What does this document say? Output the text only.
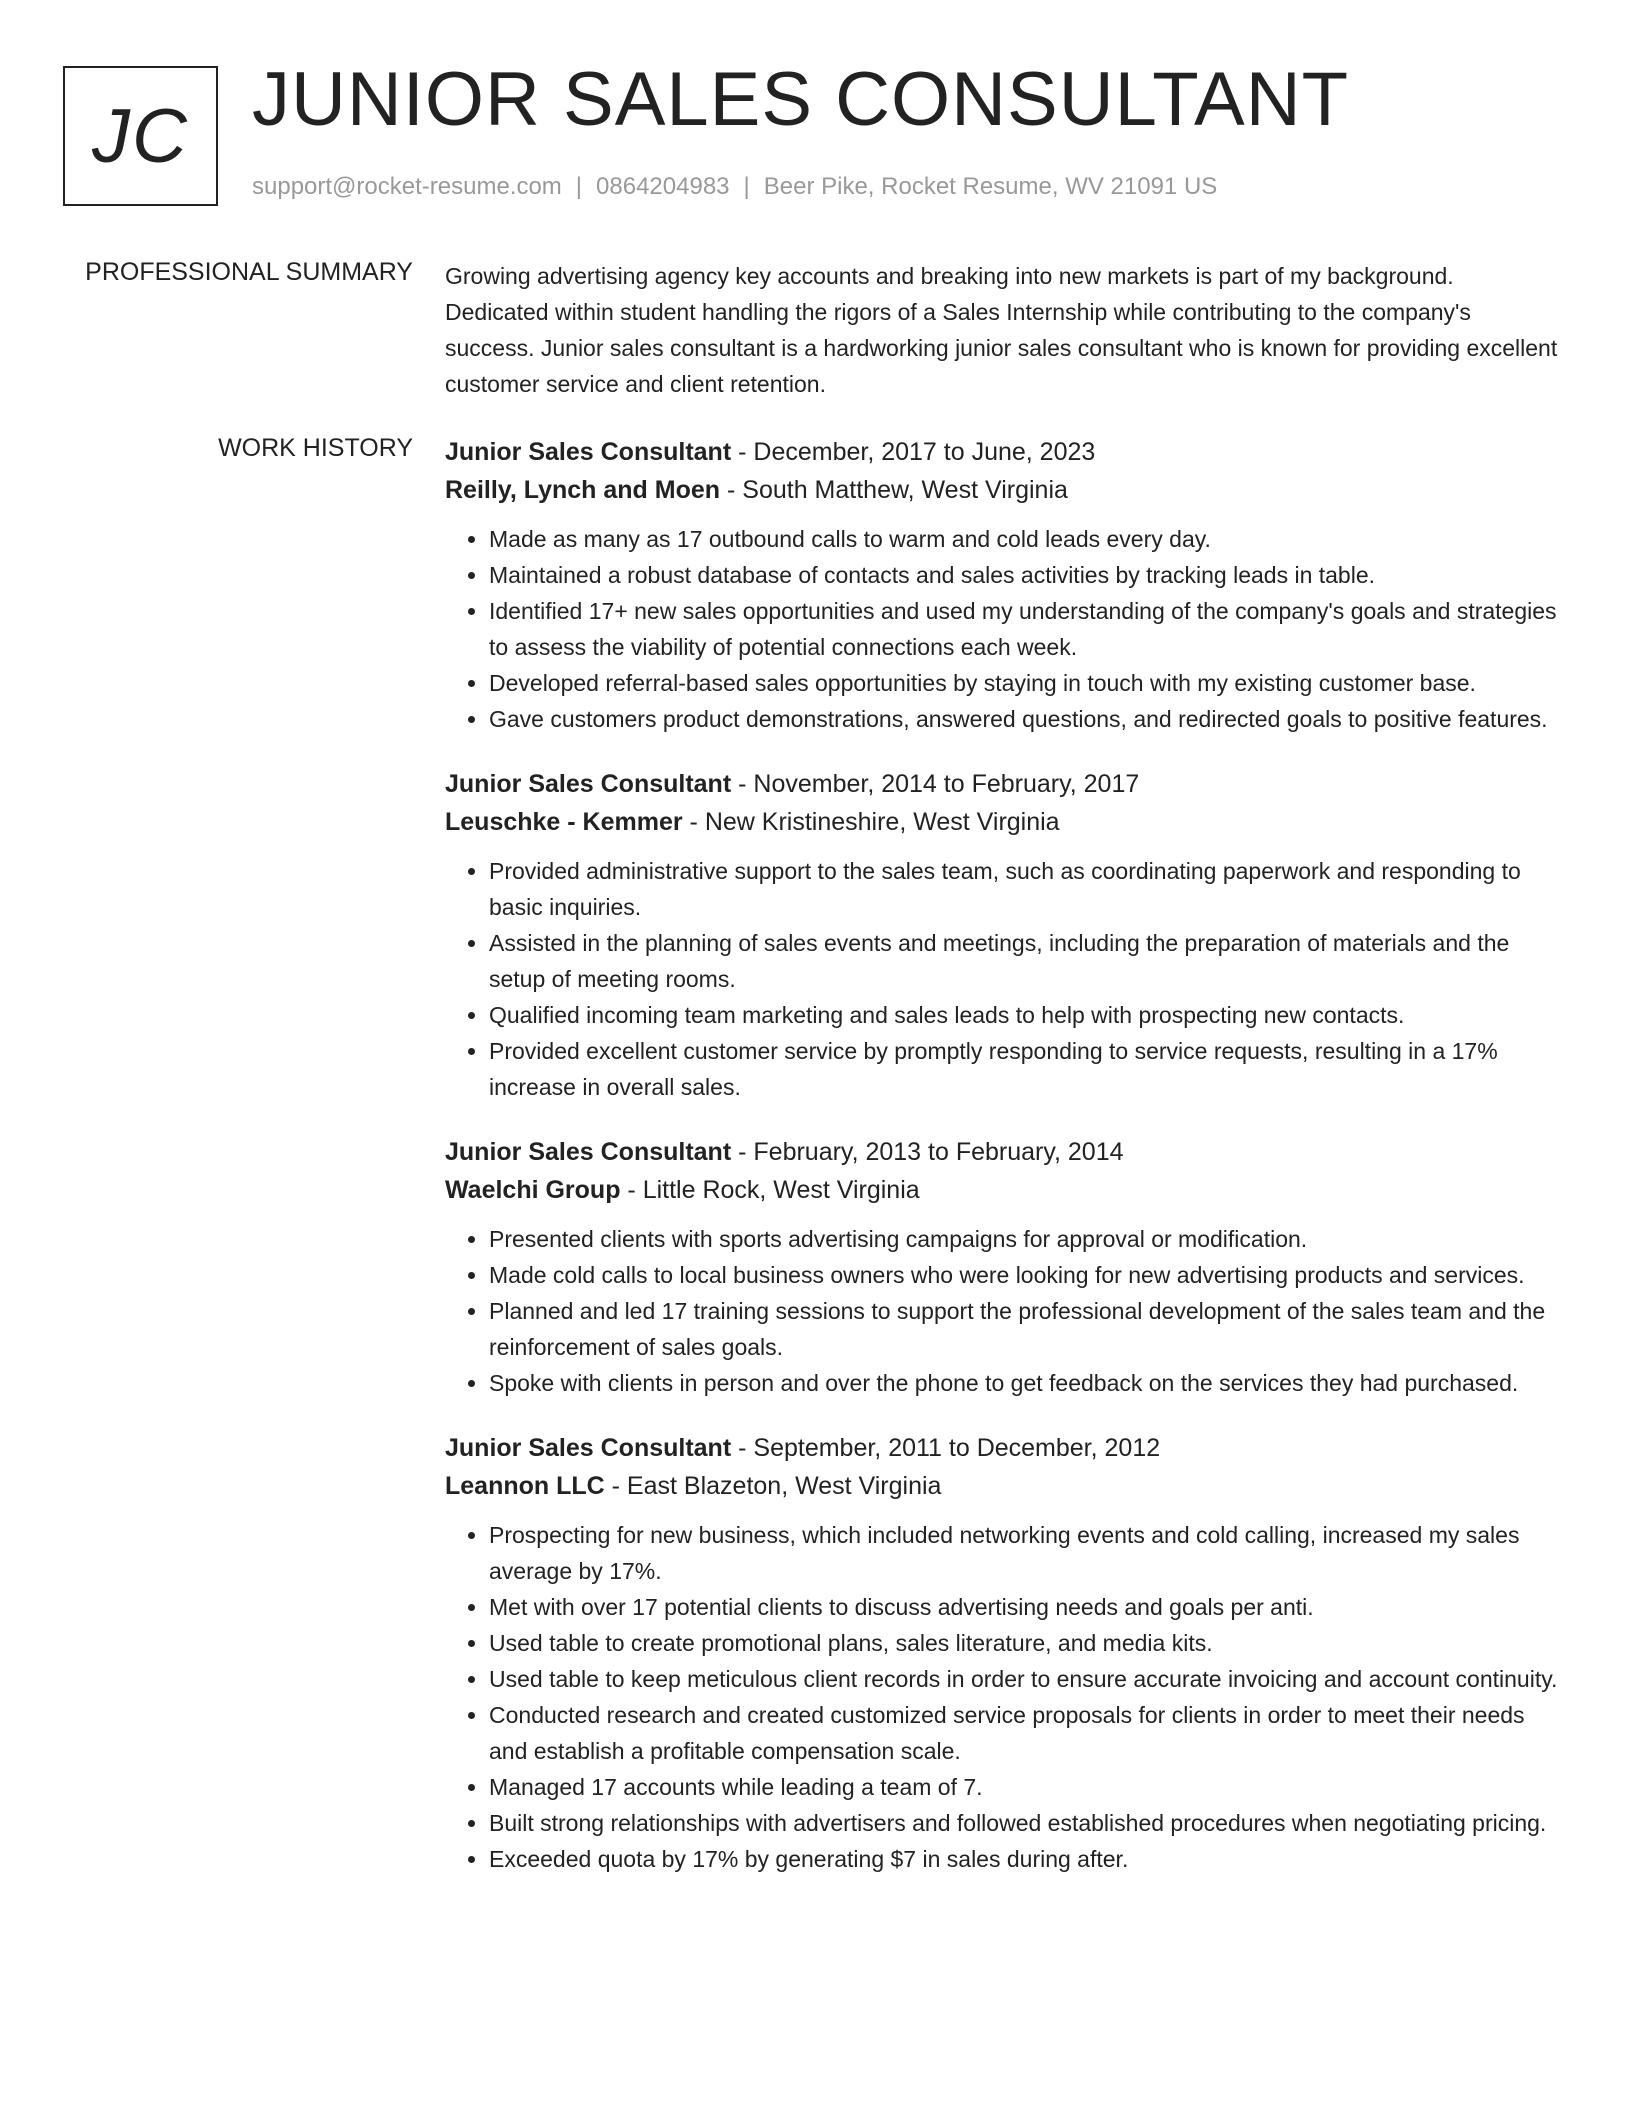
JC JUNIOR SALES CONSULTANT
support@rocket-resume.com | 0864204983 | Beer Pike, Rocket Resume, WV 21091 US
PROFESSIONAL SUMMARY Growing advertising agency key accounts and breaking into new markets is part of my background. Dedicated within student handling the rigors of a Sales Internship while contributing to the company's success. Junior sales consultant is a hardworking junior sales consultant who is known for providing excellent customer service and client retention.

WORK HISTORY Junior Sales Consultant - December, 2017 to June, 2023
Reilly, Lynch and Moen - South Matthew, West Virginia
• Made as many as 17 outbound calls to warm and cold leads every day.
• Maintained a robust database of contacts and sales activities by tracking leads in table.
• Identified 17+ new sales opportunities and used my understanding of the company's goals and strategies to assess the viability of potential connections each week.
• Developed referral-based sales opportunities by staying in touch with my existing customer base.
• Gave customers product demonstrations, answered questions, and redirected goals to positive features.
Junior Sales Consultant - November, 2014 to February, 2017
Leuschke - Kemmer - New Kristineshire, West Virginia
• Provided administrative support to the sales team, such as coordinating paperwork and responding to basic inquiries.
• Assisted in the planning of sales events and meetings, including the preparation of materials and the setup of meeting rooms.
• Qualified incoming team marketing and sales leads to help with prospecting new contacts.
• Provided excellent customer service by promptly responding to service requests, resulting in a 17% increase in overall sales.
Junior Sales Consultant - February, 2013 to February, 2014
Waelchi Group - Little Rock, West Virginia
• Presented clients with sports advertising campaigns for approval or modification.
• Made cold calls to local business owners who were looking for new advertising products and services.
• Planned and led 17 training sessions to support the professional development of the sales team and the reinforcement of sales goals.
• Spoke with clients in person and over the phone to get feedback on the services they had purchased.
Junior Sales Consultant - September, 2011 to December, 2012
Leannon LLC - East Blazeton, West Virginia
• Prospecting for new business, which included networking events and cold calling, increased my sales average by 17%.
• Met with over 17 potential clients to discuss advertising needs and goals per anti.
• Used table to create promotional plans, sales literature, and media kits.
• Used table to keep meticulous client records in order to ensure accurate invoicing and account continuity.
• Conducted research and created customized service proposals for clients in order to meet their needs and establish a profitable compensation scale.
• Managed 17 accounts while leading a team of 7.
• Built strong relationships with advertisers and followed established procedures when negotiating pricing.
• Exceeded quota by 17% by generating $7 in sales during after.
